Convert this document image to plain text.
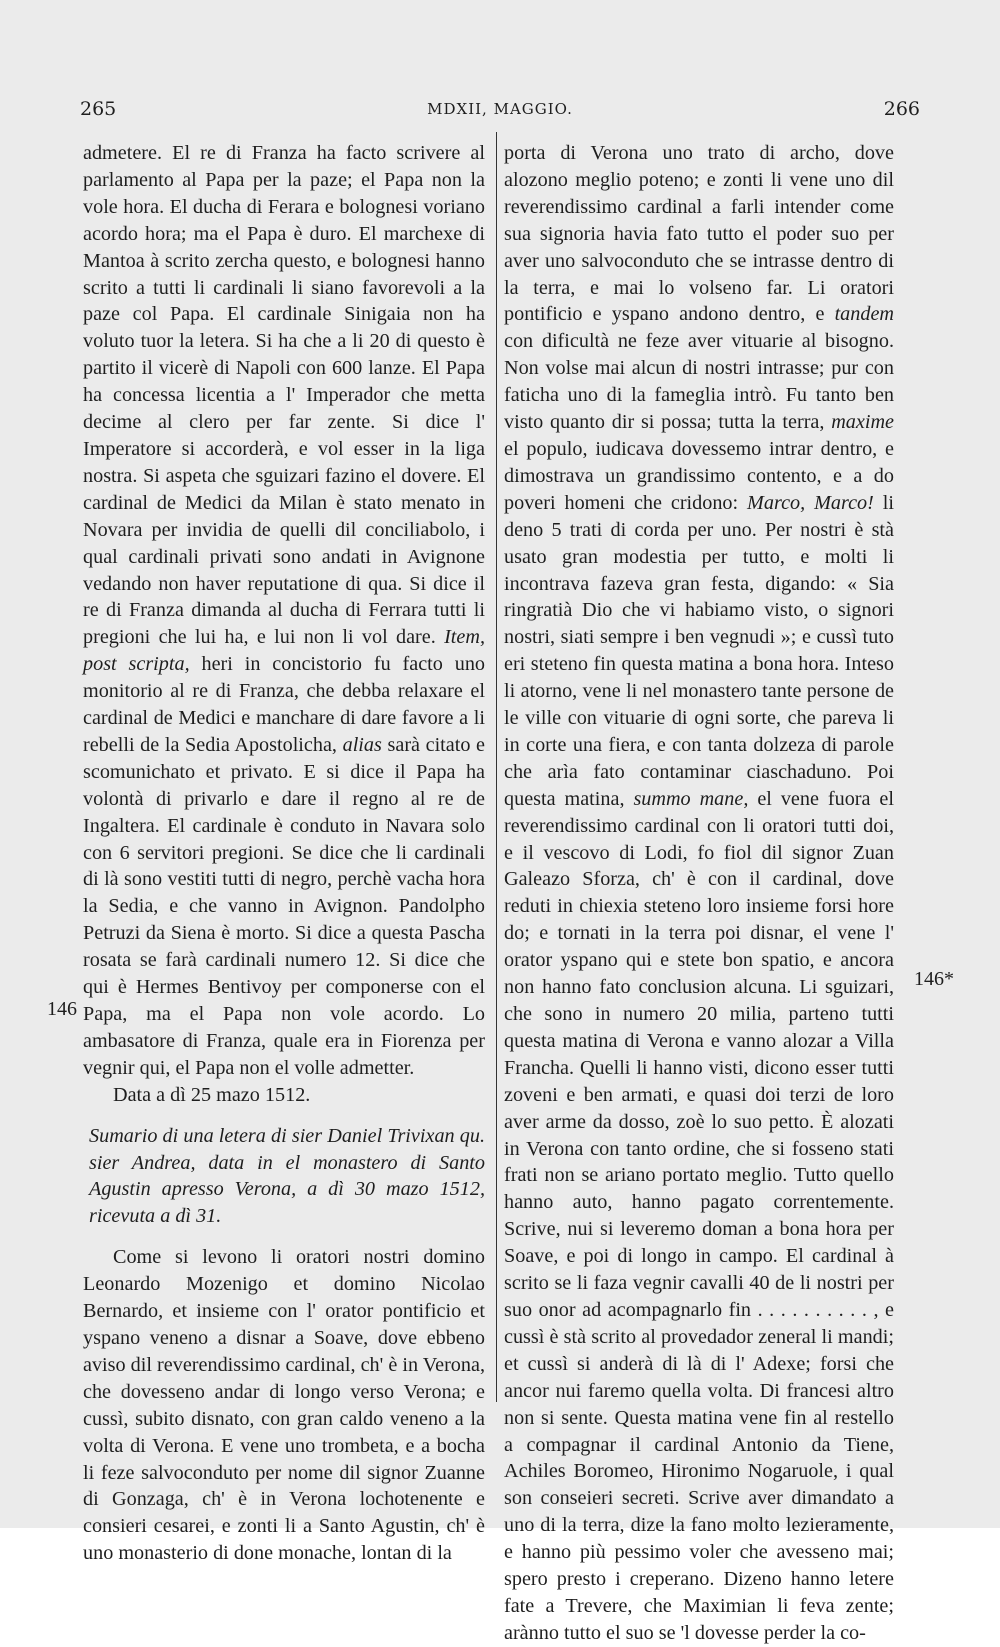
265	MDXII, MAGGIO.	266

admetere. El re di Franza ha facto scrivere al parlamento al Papa per la paze; el Papa non la vole hora. El ducha di Ferara e bolognesi voriano acordo hora; ma el Papa è duro. El marchexe di Mantoa à scrito zercha questo, e bolognesi hanno scrito a tutti li cardinali li siano favorevoli a la paze col Papa. El cardinale Sinigaia non ha voluto tuor la letera. Si ha che a li 20 di questo è partito il vicerè di Napoli con 600 lanze. El Papa ha concessa licentia a l' Imperador che metta decime al clero per far zente. Si dice l' Imperatore si accorderà, e vol esser in la liga nostra. Si aspeta che sguizari fazino el dovere. El cardinal de Medici da Milan è stato menato in Novara per invidia de quelli dil conciliabolo, i qual cardinali privati sono andati in Avignone vedando non haver reputatione di qua. Si dice il re di Franza dimanda al ducha di Ferrara tutti li pregioni che lui ha, e lui non li vol dare. Item, post scripta, heri in concistorio fu facto uno monitorio al re di Franza, che debba relaxare el cardinal de Medici e manchare di dare favore a li rebelli de la Sedia Apostolicha, alias sarà citato e scomunichato et privato. E si dice il Papa ha volontà di privarlo e dare il regno al re de Ingaltera. El cardinale è conduto in Navara solo con 6 servitori pregioni. Se dice che li cardinali di là sono vestiti tutti di negro, perchè vacha hora la Sedia, e che vanno in Avignon. Pandolpho Petruzi da Siena è morto. Si dice a questa Pascha rosata se farà cardinali numero 12. Si dice che qui è Hermes Bentivoy per componerse con el Papa, ma el Papa non vole acordo. Lo ambasatore di Franza, quale era in Fiorenza per vegnir qui, el Papa non el volle admetter.

Data a dì 25 mazo 1512.

Sumario di una letera di sier Daniel Trivixan qu. sier Andrea, data in el monastero di Santo Agustin apresso Verona, a dì 30 mazo 1512, ricevuta a dì 31.

Come si levono li oratori nostri domino Leonardo Mozenigo et domino Nicolao Bernardo, et insieme con l' orator pontificio et yspano veneno a disnar a Soave, dove ebbeno aviso dil reverendissimo cardinal, ch' è in Verona, che dovesseno andar di longo verso Verona; e cussì, subito disnato, con gran caldo veneno a la volta di Verona. E vene uno trombeta, e a bocha li feze salvoconduto per nome dil signor Zuanne di Gonzaga, ch' è in Verona lochotenente e consieri cesarei, e zonti li a Santo Agustin, ch' è uno monasterio di done monache, lontan di la

porta di Verona uno trato di archo, dove alozono meglio poteno; e zonti li vene uno dil reverendissimo cardinal a farli intender come sua signoria havia fato tutto el poder suo per aver uno salvoconduto che se intrasse dentro di la terra, e mai lo volseno far. Li oratori pontificio e yspano andono dentro, e tandem con dificultà ne feze aver vituarie al bisogno. Non volse mai alcun di nostri intrasse; pur con faticha uno di la fameglia intrò. Fu tanto ben visto quanto dir si possa; tutta la terra, maxime el populo, iudicava dovessemo intrar dentro, e dimostrava un grandissimo contento, e a do poveri homeni che cridono: Marco, Marco! li deno 5 trati di corda per uno. Per nostri è stà usato gran modestia per tutto, e molti li incontrava fazeva gran festa, digando: « Sia ringratià Dio che vi habiamo visto, o signori nostri, siati sempre i ben vegnudi »; e cussì tuto eri steteno fin questa matina a bona hora. Inteso li atorno, vene li nel monastero tante persone de le ville con vituarie di ogni sorte, che pareva li in corte una fiera, e con tanta dolzeza di parole che arìa fato contaminar ciaschaduno. Poi questa matina, summo mane, el vene fuora el reverendissimo cardinal con li oratori tutti doi, e il vescovo di Lodi, fo fiol dil signor Zuan Galeazo Sforza, ch' è con il cardinal, dove reduti in chiexia steteno loro insieme forsi hore do; e tornati in la terra poi disnar, el vene l' orator yspano qui e stete bon spatio, e ancora non hanno fato conclusion alcuna. Li sguizari, che sono in numero 20 milia, parteno tutti questa matina di Verona e vanno alozar a Villa Francha. Quelli li hanno visti, dicono esser tutti zoveni e ben armati, e quasi doi terzi de loro aver arme da dosso, zoè lo suo petto. È alozati in Verona con tanto ordine, che si fosseno stati frati non se ariano portato meglio. Tutto quello hanno auto, hanno pagato correntemente. Scrive, nui si leveremo doman a bona hora per Soave, e poi di longo in campo. El cardinal à scrito se li faza vegnir cavalli 40 de li nostri per suo onor ad acompagnarlo fin . . . . . . . . . . , e cussì è stà scrito al provedador zeneral li mandi; et cussì si anderà di là di l' Adexe; forsi che ancor nui faremo quella volta. Di francesi altro non si sente. Questa matina vene fin al restello a compagnar il cardinal Antonio da Tiene, Achiles Boromeo, Hironimo Nogaruole, i qual son conseieri secreti. Scrive aver dimandato a uno di la terra, dize la fano molto lezieramente, e hanno più pessimo voler che avesseno mai; spero presto i creperano. Dizeno hanno letere fate a Trevere, che Maximian li feva zente; arànno tutto el suo se 'l dovesse perder la co-

146
146*
